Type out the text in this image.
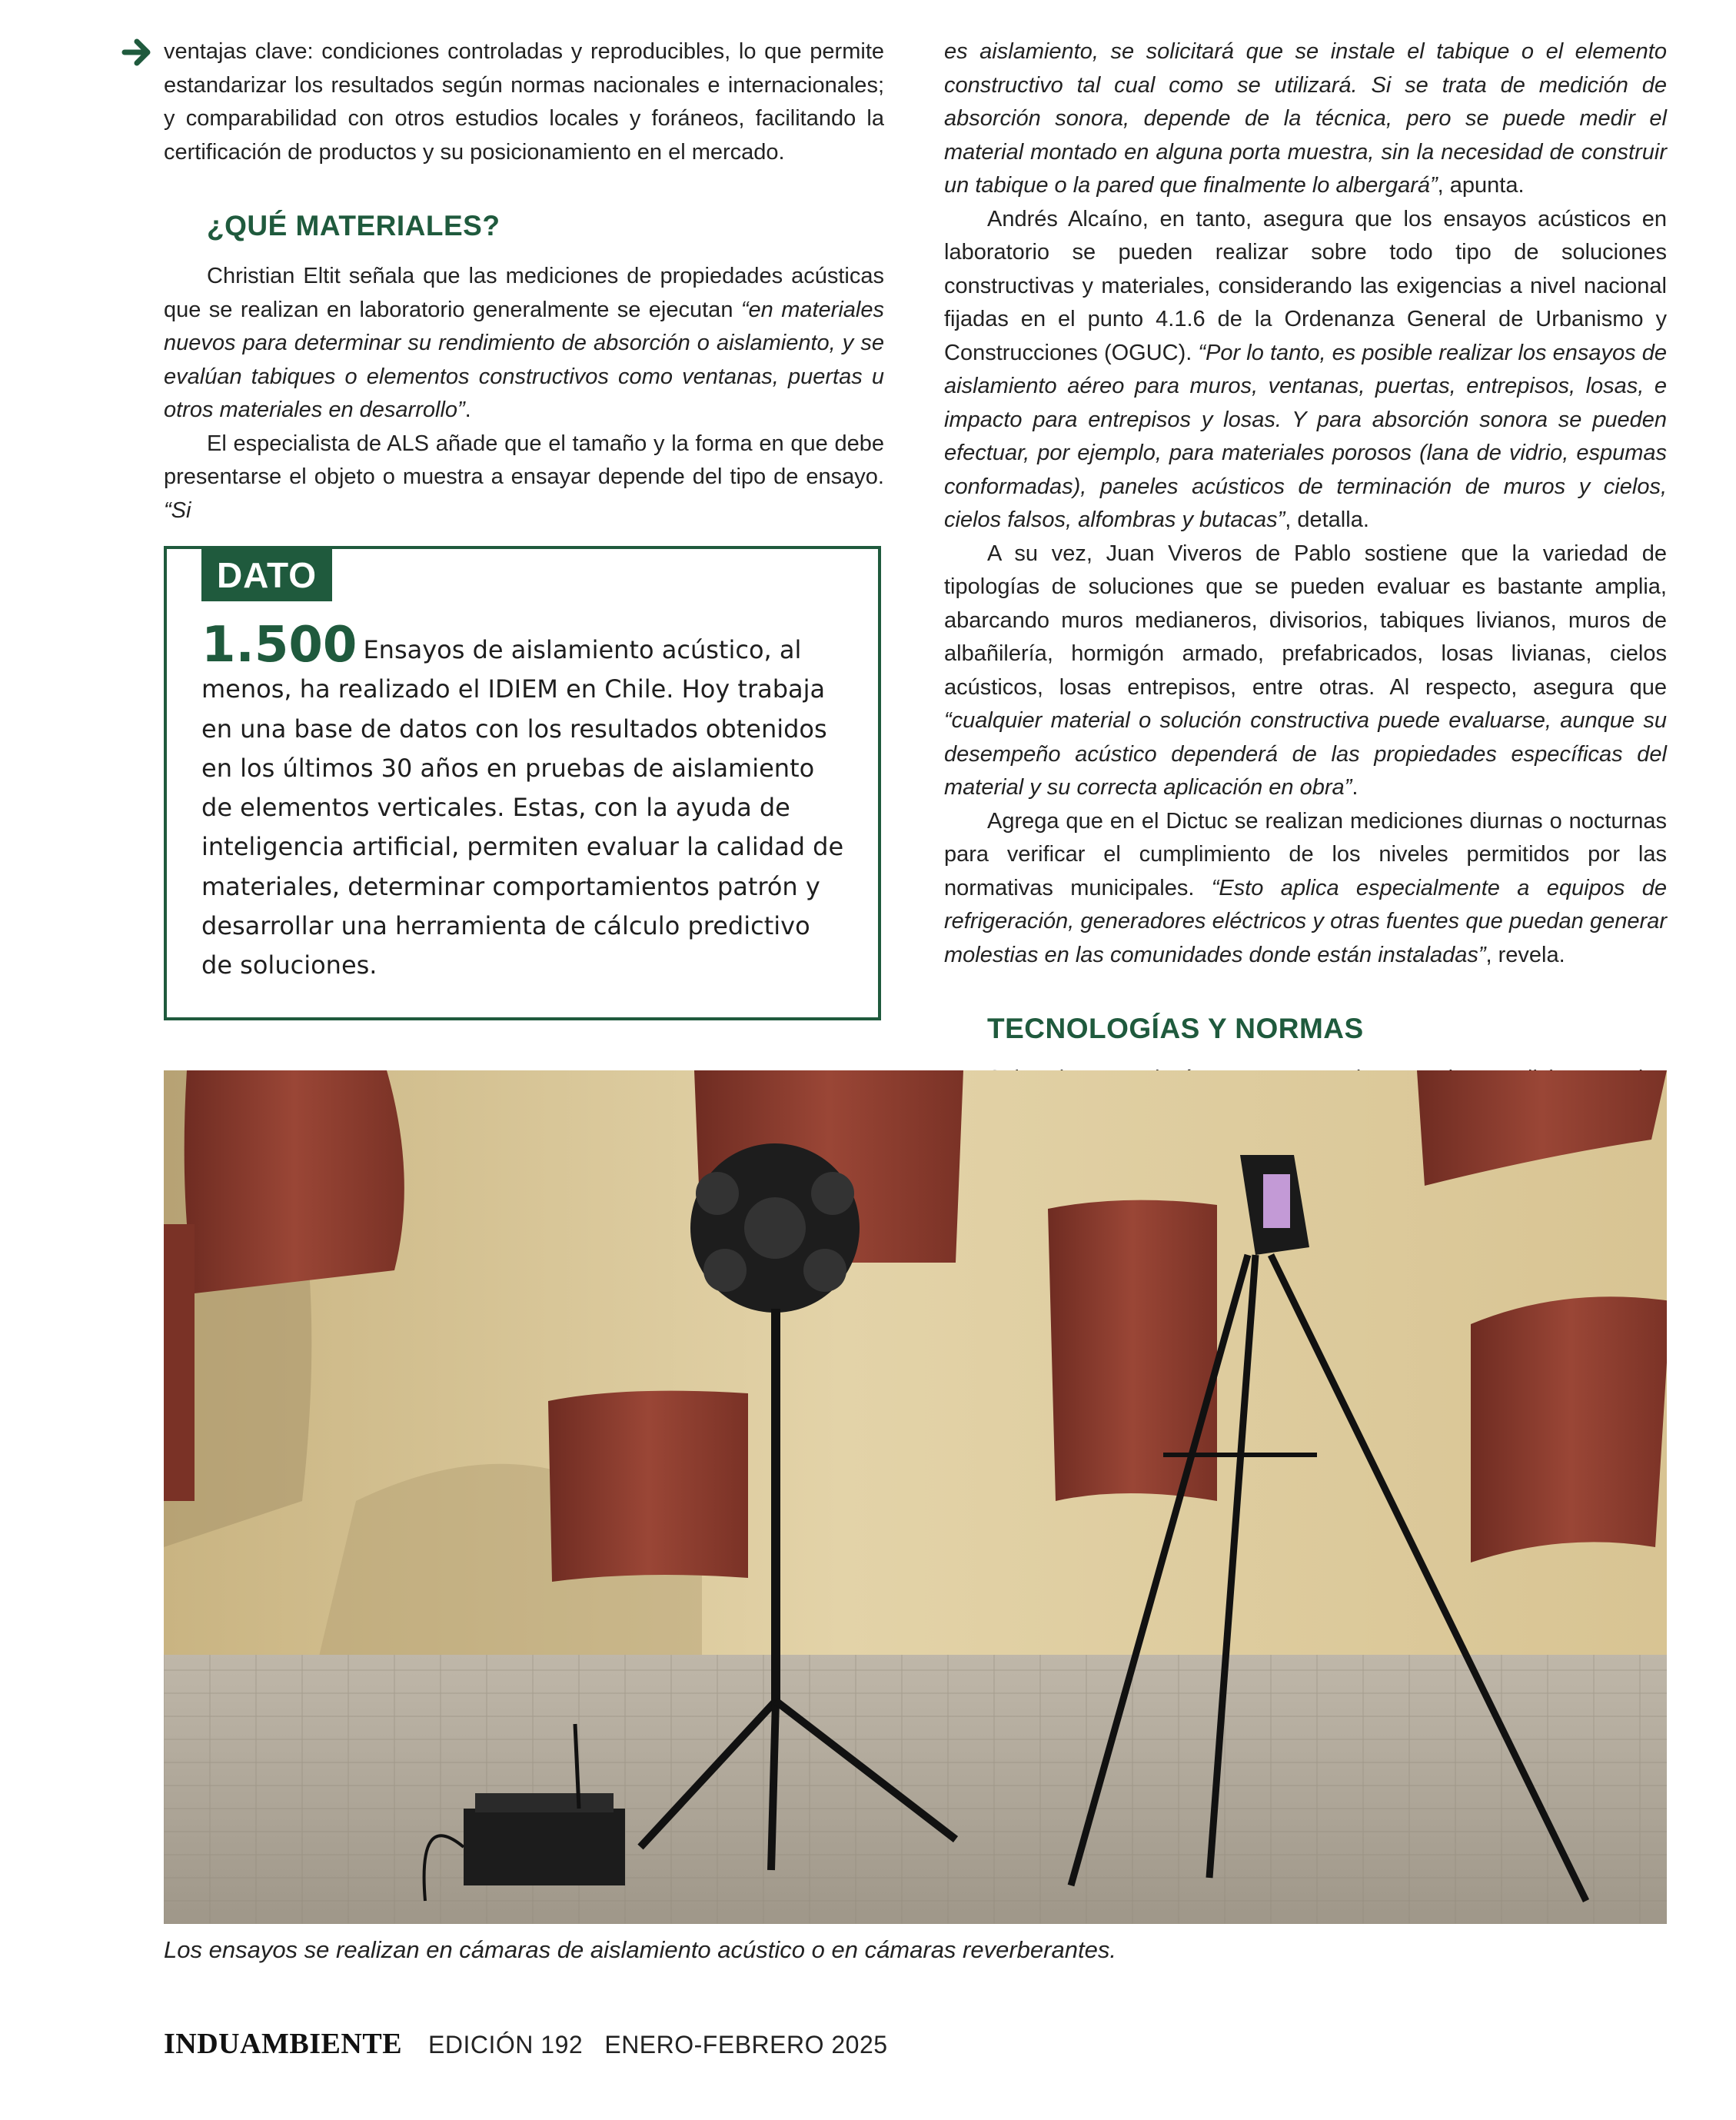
ventajas clave: condiciones controladas y reproducibles, lo que permite estandarizar los resultados según normas nacionales e internacionales; y comparabilidad con otros estudios locales y foráneos, facilitando la certificación de productos y su posicionamiento en el mercado.

¿QUÉ MATERIALES?

Christian Eltit señala que las mediciones de propiedades acústicas que se realizan en laboratorio generalmente se ejecutan “en materiales nuevos para determinar su rendimiento de absorción o aislamiento, y se evalúan tabiques o elementos constructivos como ventanas, puertas u otros materiales en desarrollo”.

El especialista de ALS añade que el tamaño y la forma en que debe presentarse el objeto o muestra a ensayar depende del tipo de ensayo. “Si

DATO
1.500 Ensayos de aislamiento acústico, al menos, ha realizado el IDIEM en Chile. Hoy trabaja en una base de datos con los resultados obtenidos en los últimos 30 años en pruebas de aislamiento de elementos verticales. Estas, con la ayuda de inteligencia artificial, permiten evaluar la calidad de materiales, determinar comportamientos patrón y desarrollar una herramienta de cálculo predictivo de soluciones.

es aislamiento, se solicitará que se instale el tabique o el elemento constructivo tal cual como se utilizará. Si se trata de medición de absorción sonora, depende de la técnica, pero se puede medir el material montado en alguna porta muestra, sin la necesidad de construir un tabique o la pared que finalmente lo albergará”, apunta.

Andrés Alcaíno, en tanto, asegura que los ensayos acústicos en laboratorio se pueden realizar sobre todo tipo de soluciones constructivas y materiales, considerando las exigencias a nivel nacional fijadas en el punto 4.1.6 de la Ordenanza General de Urbanismo y Construcciones (OGUC). “Por lo tanto, es posible realizar los ensayos de aislamiento aéreo para muros, ventanas, puertas, entrepisos, losas, e impacto para entrepisos y losas. Y para absorción sonora se pueden efectuar, por ejemplo, para materiales porosos (lana de vidrio, espumas conformadas), paneles acústicos de terminación de muros y cielos, cielos falsos, alfombras y butacas”, detalla.

A su vez, Juan Viveros de Pablo sostiene que la variedad de tipologías de soluciones que se pueden evaluar es bastante amplia, abarcando muros medianeros, divisorios, tabiques livianos, muros de albañilería, hormigón armado, prefabricados, losas livianas, cielos acústicos, losas entrepisos, entre otras. Al respecto, asegura que “cualquier material o solución constructiva puede evaluarse, aunque su desempeño acústico dependerá de las propiedades específicas del material y su correcta aplicación en obra”.

Agrega que en el Dictuc se realizan mediciones diurnas o nocturnas para verificar el cumplimiento de los niveles permitidos por las normativas municipales. “Esto aplica especialmente a equipos de refrigeración, generadores eléctricos y otras fuentes que puedan generar molestias en las comunidades donde están instaladas”, revela.

TECNOLOGÍAS Y NORMAS

Los ensayos se realizan en cámaras de aislamiento acústico o en cámaras reverberantes.
INDUAMBIENTE EDICIÓN 192   ENERO-FEBRERO 2025
